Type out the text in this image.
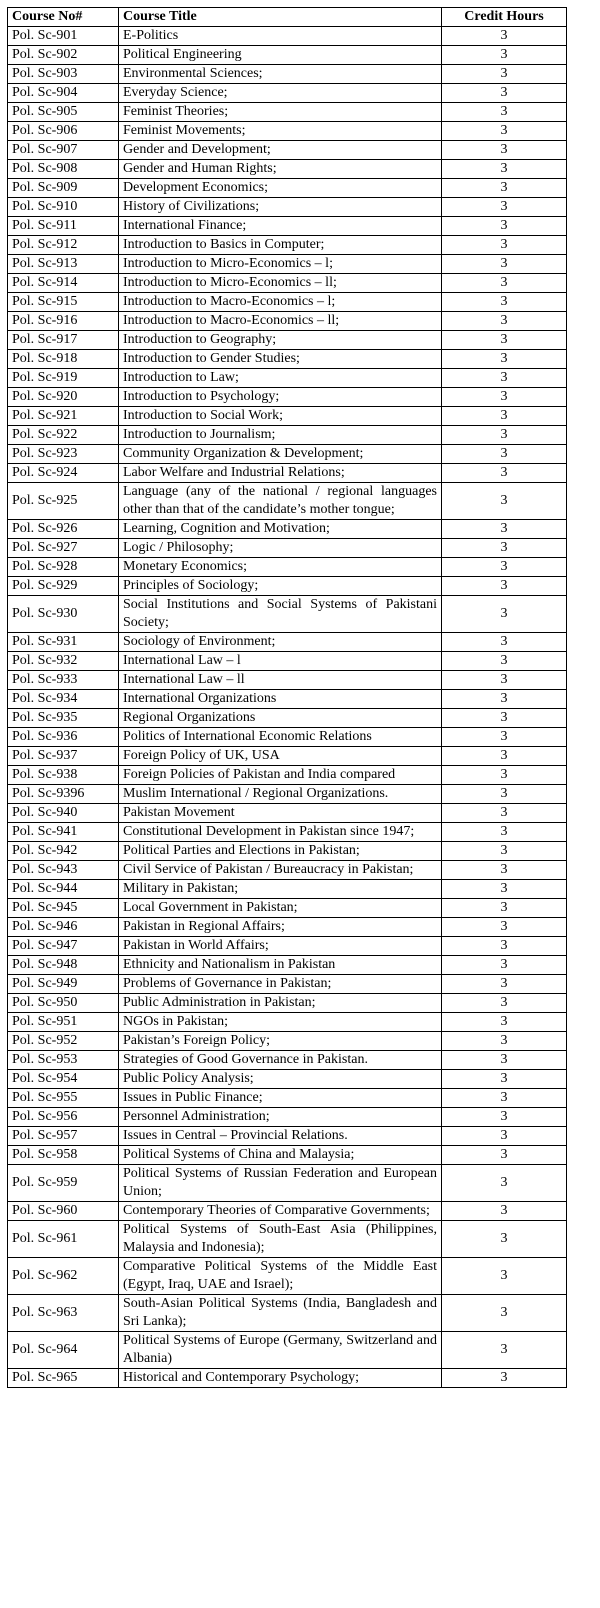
Course No#	Course Title	Credit Hours
Pol. Sc-901	E-Politics	3
Pol. Sc-902	Political Engineering	3
Pol. Sc-903	Environmental Sciences;	3
Pol. Sc-904	Everyday Science;	3
Pol. Sc-905	Feminist Theories;	3
Pol. Sc-906	Feminist Movements;	3
Pol. Sc-907	Gender and Development;	3
Pol. Sc-908	Gender and Human Rights;	3
Pol. Sc-909	Development Economics;	3
Pol. Sc-910	History of Civilizations;	3
Pol. Sc-911	International Finance;	3
Pol. Sc-912	Introduction to Basics in Computer;	3
Pol. Sc-913	Introduction to Micro-Economics – l;	3
Pol. Sc-914	Introduction to Micro-Economics – ll;	3
Pol. Sc-915	Introduction to Macro-Economics – l;	3
Pol. Sc-916	Introduction to Macro-Economics – ll;	3
Pol. Sc-917	Introduction to Geography;	3
Pol. Sc-918	Introduction to Gender Studies;	3
Pol. Sc-919	Introduction to Law;	3
Pol. Sc-920	Introduction to Psychology;	3
Pol. Sc-921	Introduction to Social Work;	3
Pol. Sc-922	Introduction to Journalism;	3
Pol. Sc-923	Community Organization & Development;	3
Pol. Sc-924	Labor Welfare and Industrial Relations;	3
Pol. Sc-925	Language (any of the national / regional languages other than that of the candidate’s mother tongue;	3
Pol. Sc-926	Learning, Cognition and Motivation;	3
Pol. Sc-927	Logic / Philosophy;	3
Pol. Sc-928	Monetary Economics;	3
Pol. Sc-929	Principles of Sociology;	3
Pol. Sc-930	Social Institutions and Social Systems of Pakistani Society;	3
Pol. Sc-931	Sociology of Environment;	3
Pol. Sc-932	International Law – l	3
Pol. Sc-933	International Law – ll	3
Pol. Sc-934	International Organizations	3
Pol. Sc-935	Regional Organizations	3
Pol. Sc-936	Politics of International Economic Relations	3
Pol. Sc-937	Foreign Policy of UK, USA	3
Pol. Sc-938	Foreign Policies of Pakistan and India compared	3
Pol. Sc-9396	Muslim International / Regional Organizations.	3
Pol. Sc-940	Pakistan Movement	3
Pol. Sc-941	Constitutional Development in Pakistan since 1947;	3
Pol. Sc-942	Political Parties and Elections in Pakistan;	3
Pol. Sc-943	Civil Service of Pakistan / Bureaucracy in Pakistan;	3
Pol. Sc-944	Military in Pakistan;	3
Pol. Sc-945	Local Government in Pakistan;	3
Pol. Sc-946	Pakistan in Regional Affairs;	3
Pol. Sc-947	Pakistan in World Affairs;	3
Pol. Sc-948	Ethnicity and Nationalism in Pakistan	3
Pol. Sc-949	Problems of Governance in Pakistan;	3
Pol. Sc-950	Public Administration in Pakistan;	3
Pol. Sc-951	NGOs in Pakistan;	3
Pol. Sc-952	Pakistan’s Foreign Policy;	3
Pol. Sc-953	Strategies of Good Governance in Pakistan.	3
Pol. Sc-954	Public Policy Analysis;	3
Pol. Sc-955	Issues in Public Finance;	3
Pol. Sc-956	Personnel Administration;	3
Pol. Sc-957	Issues in Central – Provincial Relations.	3
Pol. Sc-958	Political Systems of China and Malaysia;	3
Pol. Sc-959	Political Systems of Russian Federation and European Union;	3
Pol. Sc-960	Contemporary Theories of Comparative Governments;	3
Pol. Sc-961	Political Systems of South-East Asia (Philippines, Malaysia and Indonesia);	3
Pol. Sc-962	Comparative Political Systems of the Middle East (Egypt, Iraq, UAE and Israel);	3
Pol. Sc-963	South-Asian Political Systems (India, Bangladesh and Sri Lanka);	3
Pol. Sc-964	Political Systems of Europe (Germany, Switzerland and Albania)	3
Pol. Sc-965	Historical and Contemporary Psychology;	3
